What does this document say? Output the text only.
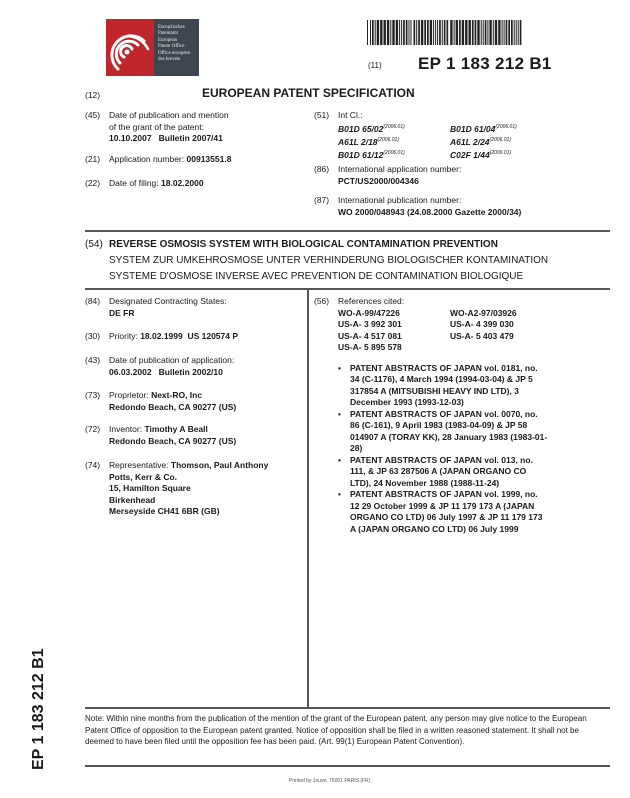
Europäisches
Patentamt
European
Patent Office
Office européen
des brevets
(11) EP 1 183 212 B1
(12)	EUROPEAN PATENT SPECIFICATION
(45) Date of publication and mention
of the grant of the patent:
10.10.2007   Bulletin 2007/41
(21) Application number: 00913551.8
(22) Date of filing: 18.02.2000
(51) Int Cl.:
B01D $65/02^{(2006.01)}$	B01D $61/04^{(2006.01)}$
A61L $2/18^{(2006.01)}$	A61L $2/24^{(2006.01)}$
B01D $61/12^{(2006.01)}$	C02F $1/44^{(2006.01)}$
(86) International application number:
PCT/US2000/004346
(87) International publication number:
WO 2000/048943 (24.08.2000 Gazette 2000/34)
(54) REVERSE OSMOSIS SYSTEM WITH BIOLOGICAL CONTAMINATION PREVENTION
SYSTEM ZUR UMKEHROSMOSE UNTER VERHINDERUNG BIOLOGISCHER KONTAMINATION
SYSTEME D'OSMOSE INVERSE AVEC PREVENTION DE CONTAMINATION BIOLOGIQUE
(84) Designated Contracting States:
DE FR
(30) Priority: 18.02.1999  US 120574 P
(43) Date of publication of application:
06.03.2002   Bulletin 2002/10
(73) Proprietor: Next-RO, Inc
Redondo Beach, CA 90277 (US)
(72) Inventor: Timothy A Beall
Redondo Beach, CA 90277 (US)
(74) Representative: Thomson, Paul Anthony
Potts, Kerr & Co.
15, Hamilton Square
Birkenhead
Merseyside CH41 6BR (GB)
(56) References cited:
WO-A-99/47226	WO-A2-97/03926
US-A- 3 992 301	US-A- 4 399 030
US-A- 4 517 081	US-A- 5 403 479
US-A- 5 895 578
• PATENT ABSTRACTS OF JAPAN vol. 0181, no. 34 (C-1176), 4 March 1994 (1994-03-04) & JP 5 317854 A (MITSUBISHI HEAVY IND LTD), 3 December 1993 (1993-12-03)
• PATENT ABSTRACTS OF JAPAN vol. 0070, no. 86 (C-161), 9 April 1983 (1983-04-09) & JP 58 014907 A (TORAY KK), 28 January 1983 (1983-01-28)
• PATENT ABSTRACTS OF JAPAN vol. 013, no. 111, & JP 63 287506 A (JAPAN ORGANO CO LTD), 24 November 1988 (1988-11-24)
• PATENT ABSTRACTS OF JAPAN vol. 1999, no. 12 29 October 1999 & JP 11 179 173 A (JAPAN ORGANO CO LTD) 06 July 1997 & JP 11 179 173 A (JAPAN ORGANO CO LTD) 06 July 1999
Note: Within nine months from the publication of the mention of the grant of the European patent, any person may give notice to the European Patent Office of opposition to the European patent granted. Notice of opposition shall be filed in a written reasoned statement. It shall not be deemed to have been filed until the opposition fee has been paid. (Art. 99(1) European Patent Convention).
EP 1 183 212 B1
Printed by Jouve, 75001 PARIS (FR)
